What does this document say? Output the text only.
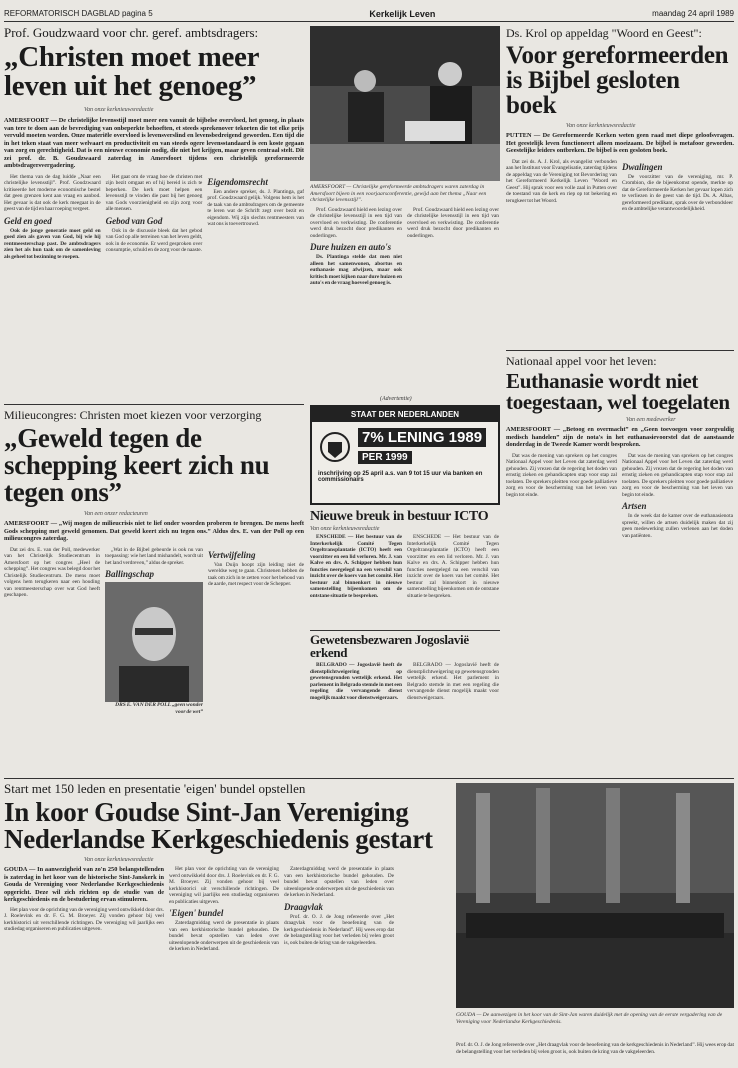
REFORMATORISCH DAGBLAD pagina 5	Kerkelijk Leven	maandag 24 april 1989
Prof. Goudzwaard voor chr. geref. ambtsdragers:
„Christen moet meer leven uit het genoeg”
Van onze kerknieuwsredactie
AMERSFOORT — De christelijke levensstijl moet meer een vanuit de bijbelse overvloed, het genoeg, in plaats van tere te doen aan de bevrediging van onbeperkte behoeften, et steeds sprekenover tekorten die tot elke prijs vervuld moeten worden. Onze materiële overvloed is levensverslind en levensbedreigend geworden. Een tijd die in het teken staat van meer welvaart en productiviteit en van steeds ogere levensstandaard is een koste gegaan van zorg en gerechtigheid. Dat is een nieuwe economie nodig, die niet het krijgen, maar geven centraal stelt. Dit zei prof. dr. B. Goudzwaard zaterdag in Amersfoort tijdens een christelijk gereformeerde ambtsdragersvergadering.

Het thema van de dag luidde „Naar een christelijke levensstijl”. Prof. Goudzwaard kritiseerde het moderne economische bestel dat geen grenzen kent aan vraag en aanbod. Het gevaar is dat ook de kerk meegaat in de geest van de tijd en haar roeping vergeet.

Geld en goed

Ook de jonge generatie moet geld en goed zien als gaven van God, bij wie hij rentmeesterschap past. De ambtsdragers zien het als hun taak om de samenleving als geheel tot bezinning te roepen.

Het gaat om de vraag hoe de christen met zijn bezit omgaat en of hij bereid is zich te beperken. De kerk moet helpen een levensstijl te vinden die past bij het genoeg van Gods voorzienigheid en zijn zorg voor alle mensen.

Gebod van God

Ook in de discussie bleek dat het gebod van God op alle terreinen van het leven geldt, ook in de economie. Er werd gesproken over consumptie, schuld en de zorg voor de naaste.

Eigendomsrecht

Een andere spreker, ds. J. Plantinga, gaf prof. Goudzwaard gelijk. Volgens hem is het de taak van de ambtsdragers om de gemeente te leren wat de Schrift zegt over bezit en eigendom. Wij zijn slechts rentmeesters van wat ons is toevertrouwd.

AMERSFOORT — Christelijke gereformeerde ambtsdragers waren zaterdag in Amersfoort bijeen in een voorjaarsconferentie, gewijd aan het thema „Naar een christelijke levensstijl”.

Prof. Goudzwaard hield een lezing over de christelijke levensstijl in een tijd van overvloed en verkwisting. De conferentie werd druk bezocht door predikanten en ouderlingen.

Dure huizen en auto's

Ds. Plantinga stelde dat men niet alleen het samenwonen, abortus en euthanasie mag afwijzen, maar ook kritisch moet kijken naar dure huizen en auto's en de vraag hoeveel genoeg is.

Prof. Goudzwaard hield een lezing over de christelijke levensstijl in een tijd van overvloed en verkwisting. De conferentie werd druk bezocht door predikanten en ouderlingen.

Ds. Krol op appeldag "Woord en Geest":
Voor gereformeerden is Bijbel gesloten boek
Van onze kerknieuwsredactie
PUTTEN — De Gereformeerde Kerken weten geen raad met diepe geloofsvragen. Het geestelijk leven functioneert alleen moeizaam. De bijbel is metafoor geworden. Geestelijke leiders ontbreken. De bijbel is een gesloten boek.

Dat zei ds. A. J. Krol, als evangelist verbonden aan het Instituut voor Evangelisatie, zaterdag tijdens de appeldag van de Vereniging tot Bevordering van het Gereformeerd Kerkelijk Leven "Woord en Geest". Hij sprak voor een volle zaal in Putten over de toestand van de kerk en riep op tot bekering en terugkeer tot het Woord.

Dwalingen

De voorzitter van de vereniging, mr. P. Crombion, die de bijeenkomst opende, merkte op dat de Gereformeerde Kerken het gevaar lopen zich te verliezen in de geest van de tijd. Ds. A. Albas, gereformeerd predikant, sprak over de verbondsleer en de ambtelijke verantwoordelijkheid.

Nationaal appel voor het leven:
Euthanasie wordt niet toegestaan, wel toegelaten
Van een medewerker
AMERSFOORT — „Betoog en overmacht” en „Geen toevoegen voor zorgvuldig medisch handelen” zijn de nota's in het euthanasievoorstel dat de aanstaande donderdag in de Tweede Kamer wordt besproken.

Dat was de mening van sprekers op het congres Nationaal Appel voor het Leven dat zaterdag werd gehouden. Zij vrezen dat de regering het doden van ernstig zieken en gehandicapten stap voor stap zal toelaten. De sprekers pleitten voor goede palliatieve zorg en voor de bescherming van het leven van begin tot einde.

Dat was de mening van sprekers op het congres Nationaal Appel voor het Leven dat zaterdag werd gehouden. Zij vrezen dat de regering het doden van ernstig zieken en gehandicapten stap voor stap zal toelaten. De sprekers pleitten voor goede palliatieve zorg en voor de bescherming van het leven van begin tot einde.

Artsen

In de week dat de kamer over de euthanasienota spreekt, willen de artsen duidelijk maken dat zij geen medewerking zullen verlenen aan het doden van patiënten.

Milieucongres: Christen moet kiezen voor verzorging
„Geweld tegen de schepping keert zich nu tegen ons”
Van een onzer redacteuren
AMERSFOORT — „Wij mogen de milieucrisis niet te lief onder woorden proberen te brengen. De mens heeft Gods schepping met geweld genomen. Dat geweld keert zich nu tegen ons.” Aldus drs. E. van der Poll op een milieucongres zaterdag.

Dat zei drs. E. van der Poll, medewerker van het Christelijk Studiecentrum in Amersfoort op het congres „Heel de schepping”. Het congres was belegd door het Christelijk Studiecentrum. De mens moet volgens hem terugkeren naar een houding van rentmeesterschap over wat God heeft geschapen.

„Wat in de Bijbel gebeurde is ook nu van toepassing: wie het land mishandelt, wordt uit het land verdreven,” aldus de spreker.

Ballingschap
DRS E. VAN DER POLL „geen wonder voor de wet”
Vertwijfeling

Van Duijn hoopt zijn leiding niet de wereldse weg te gaan. Christenen hebben de taak om zich in te zetten voor het behoud van de aarde, met respect voor de Schepper.

STAAT DER NEDERLANDEN
7% LENING 1989
PER 1999
inschrijving op 25 april a.s. van 9 tot 15 uur via banken en commissionairs
(Advertentie)
Nieuwe breuk in bestuur ICTO
Van onze kerknieuwsredactie

ENSCHEDE — Het bestuur van de Interkerkelijk Comité Tegen Orgeltransplantatie (ICTO) heeft een voorzitter en een lid verloren. Mr. J. van Kalve en drs. A. Schipper hebben hun functies neergelegd na een verschil van inzicht over de koers van het comité. Het bestuur zal binnenkort in nieuwe samenstelling bijeenkomen om de ontstane situatie te bespreken.

ENSCHEDE — Het bestuur van de Interkerkelijk Comité Tegen Orgeltransplantatie (ICTO) heeft een voorzitter en een lid verloren. Mr. J. van Kalve en drs. A. Schipper hebben hun functies neergelegd na een verschil van inzicht over de koers van het comité. Het bestuur zal binnenkort in nieuwe samenstelling bijeenkomen om de ontstane situatie te bespreken.

Gewetensbezwaren Jogoslavië erkend

BELGRADO — Jogoslavië heeft de dienstplichtweigering op gewetensgronden wettelijk erkend. Het parlement in Belgrado stemde in met een regeling die vervangende dienst mogelijk maakt voor dienstweigeraars.

BELGRADO — Jogoslavië heeft de dienstplichtweigering op gewetensgronden wettelijk erkend. Het parlement in Belgrado stemde in met een regeling die vervangende dienst mogelijk maakt voor dienstweigeraars.

Start met 150 leden en presentatie 'eigen' bundel opstellen
In koor Goudse Sint-Jan Vereniging Nederlandse Kerkgeschiedenis gestart
Van onze kerknieuwsredactie
GOUDA — In aanwezigheid van zo'n 250 belangstellenden is zaterdag in het koor van de historische Sint-Janskerk in Gouda de Vereniging voor Nederlandse Kerkgeschiedenis opgericht. Deze wil zich richten op de studie van de kerkgeschiedenis en de bestudering ervan stimuleren.

Het plan voor de oprichting van de vereniging werd ontwikkeld door drs. J. Roelevink en dr. F. G. M. Broeyer. Zij vonden gehoor bij veel kerkhistorici uit verschillende richtingen. De vereniging wil jaarlijks een studiedag organiseren en publicaties uitgeven.

Het plan voor de oprichting van de vereniging werd ontwikkeld door drs. J. Roelevink en dr. F. G. M. Broeyer. Zij vonden gehoor bij veel kerkhistorici uit verschillende richtingen. De vereniging wil jaarlijks een studiedag organiseren en publicaties uitgeven.

'Eigen' bundel

Zaterdagmiddag werd de presentatie in plaats van een kerkhistorische bundel gehouden. De bundel bevat opstellen van leden over uiteenlopende onderwerpen uit de geschiedenis van de kerken in Nederland.

Zaterdagmiddag werd de presentatie in plaats van een kerkhistorische bundel gehouden. De bundel bevat opstellen van leden over uiteenlopende onderwerpen uit de geschiedenis van de kerken in Nederland.

Draagvlak

Prof. dr. O. J. de Jong refereerde over „Het draagvlak voor de beoefening van de kerkgeschiedenis in Nederland”. Hij wees erop dat de belangstelling voor het verleden bij velen groot is, ook buiten de kring van de vakgeleerden.

GOUDA — De aanwezigen in het koor van de Sint-Jan waren duidelijk met de opening van de eerste vergadering van de Vereniging voor Nederlandse Kerkgeschiedenis.
Prof. dr. O. J. de Jong refereerde over „Het draagvlak voor de beoefening van de kerkgeschiedenis in Nederland”. Hij wees erop dat de belangstelling voor het verleden bij velen groot is, ook buiten de kring van de vakgeleerden.
